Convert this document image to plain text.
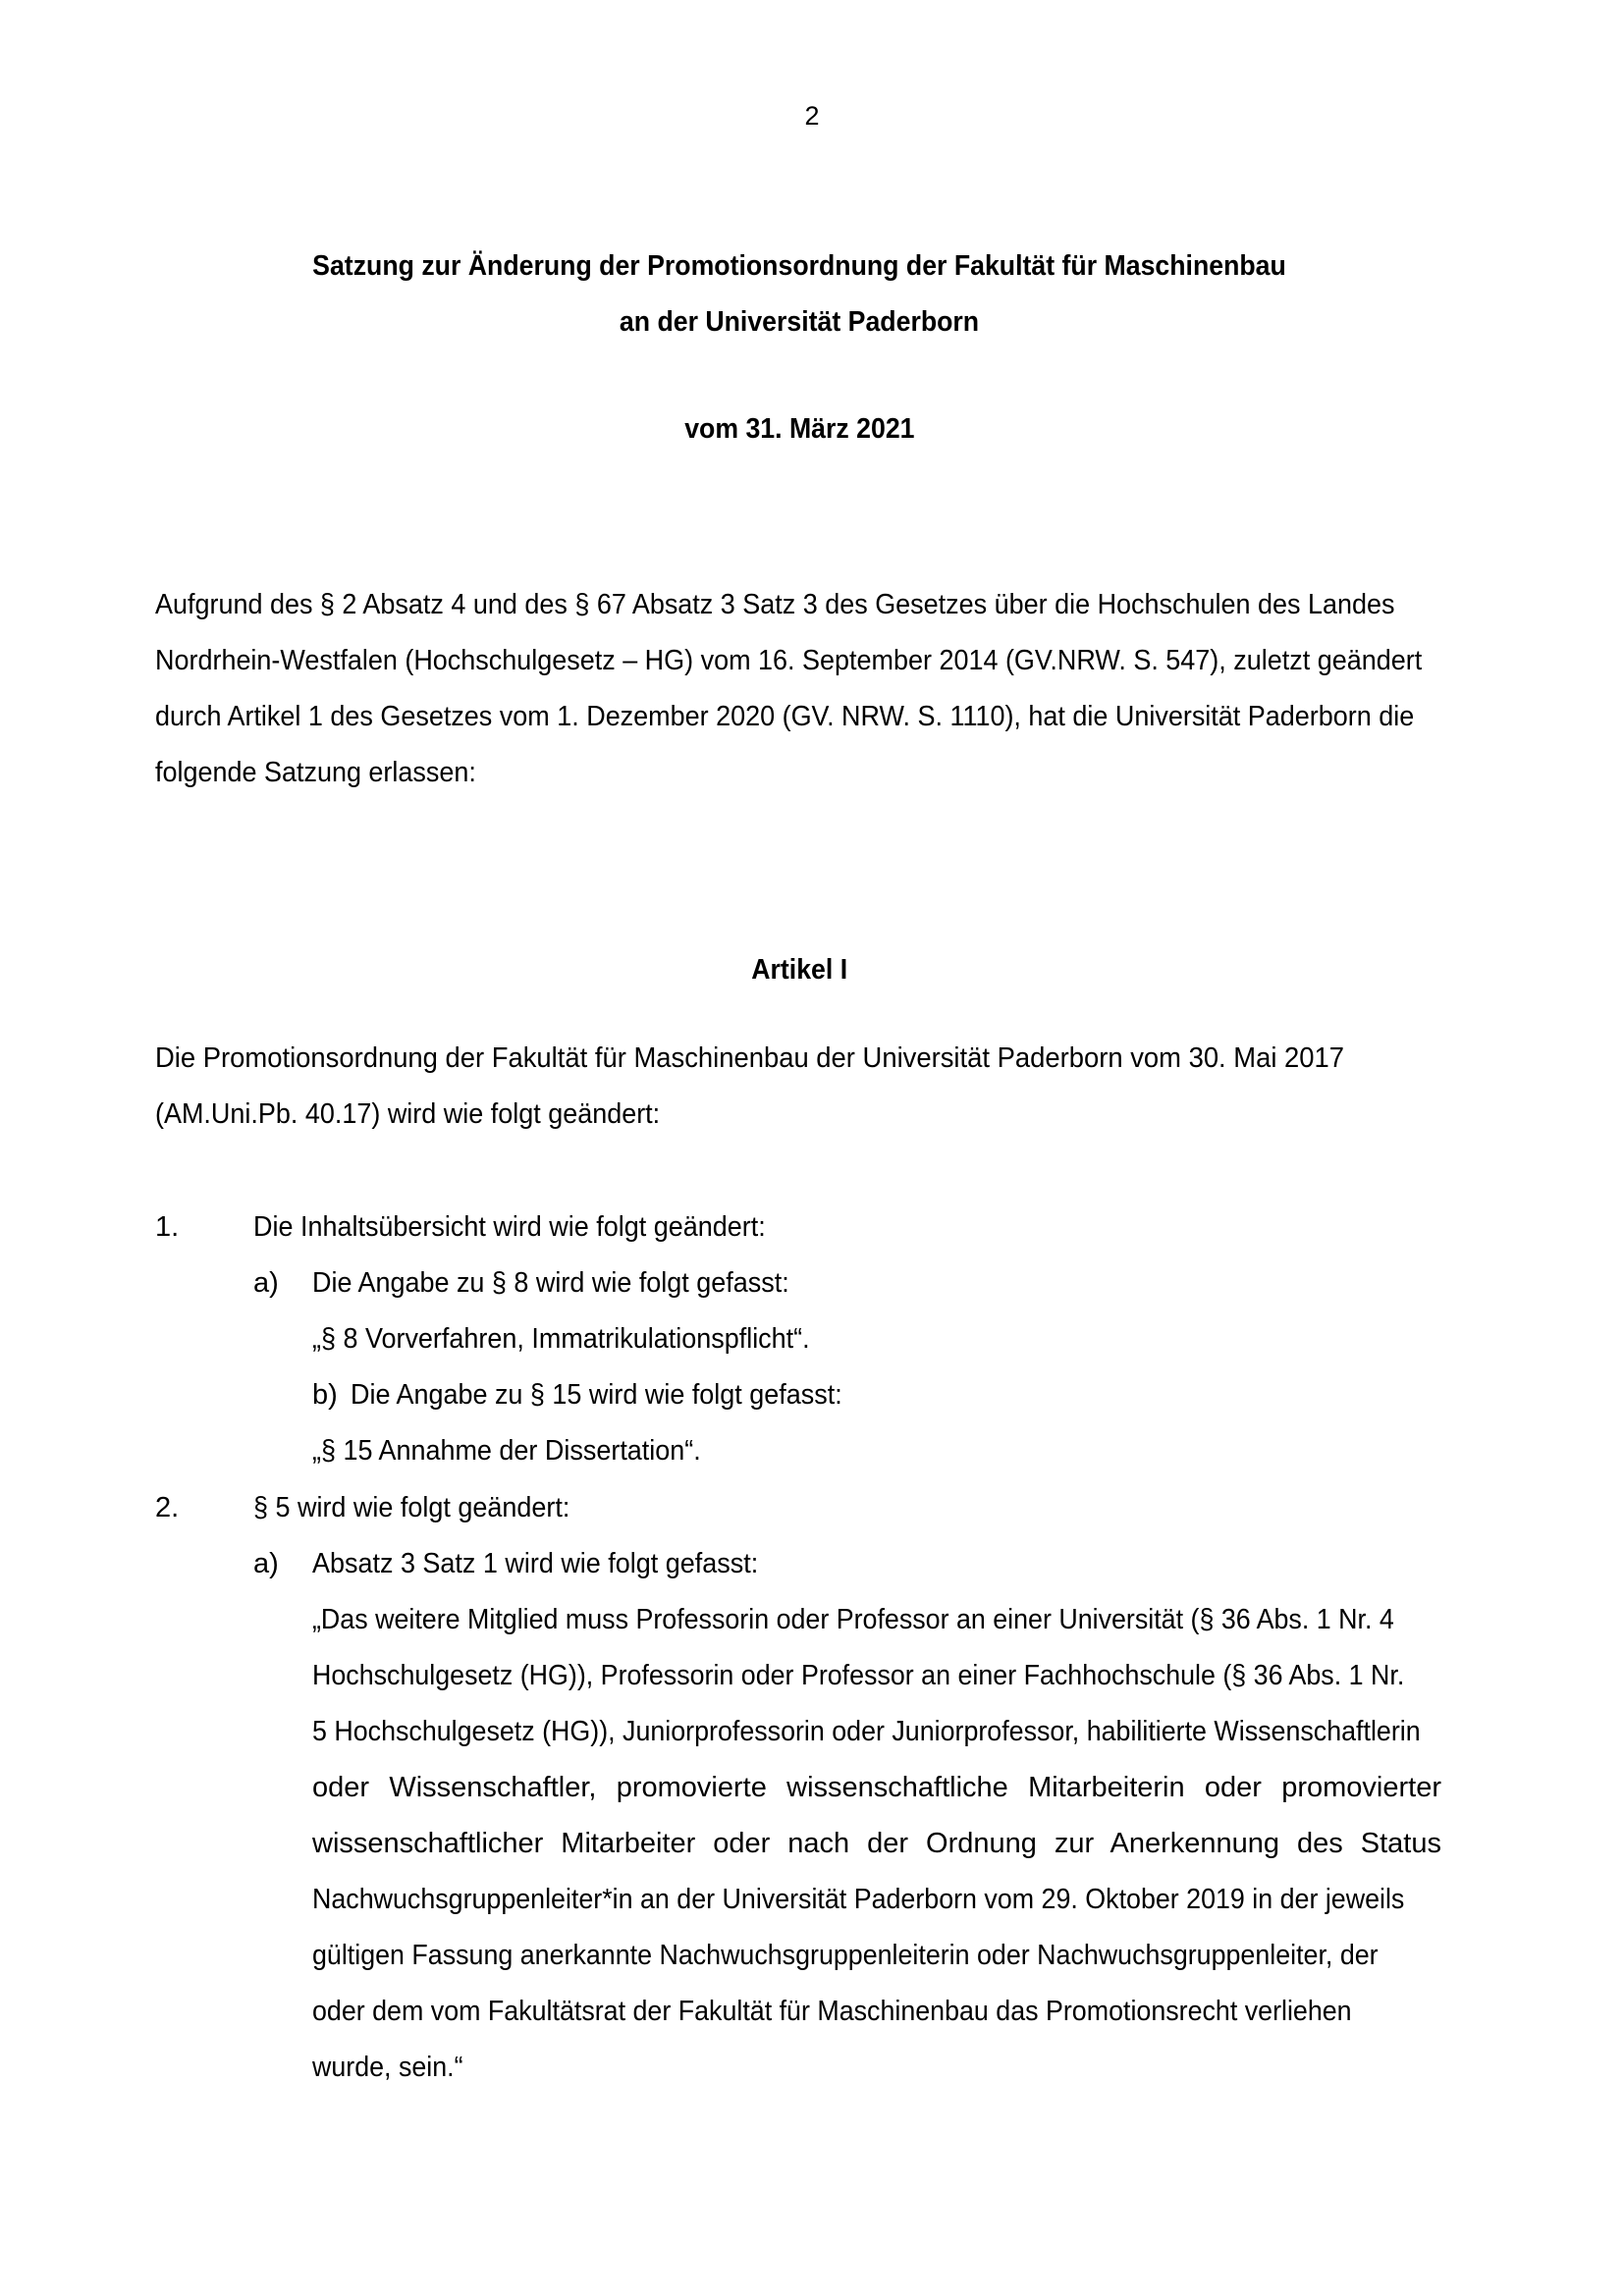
2
Satzung zur Änderung der Promotionsordnung der Fakultät für Maschinenbau
an der Universität Paderborn
vom 31. März 2021
Aufgrund des § 2 Absatz 4 und des § 67 Absatz 3 Satz 3 des Gesetzes über die Hochschulen des Landes
Nordrhein-Westfalen (Hochschulgesetz – HG) vom 16. September 2014 (GV.NRW. S. 547), zuletzt geändert
durch Artikel 1 des Gesetzes vom 1. Dezember 2020 (GV. NRW. S. 1110), hat die Universität Paderborn die
folgende Satzung erlassen:
Artikel I
Die Promotionsordnung der Fakultät für Maschinenbau der Universität Paderborn vom 30. Mai 2017
(AM.Uni.Pb. 40.17) wird wie folgt geändert:
1.	Die Inhaltsübersicht wird wie folgt geändert:
a) Die Angabe zu § 8 wird wie folgt gefasst:
„§ 8 Vorverfahren, Immatrikulationspflicht“.
b) Die Angabe zu § 15 wird wie folgt gefasst:
„§ 15 Annahme der Dissertation“.
2.	§ 5 wird wie folgt geändert:
a) Absatz 3 Satz 1 wird wie folgt gefasst:
„Das weitere Mitglied muss Professorin oder Professor an einer Universität (§ 36 Abs. 1 Nr. 4
Hochschulgesetz (HG)), Professorin oder Professor an einer Fachhochschule (§ 36 Abs. 1 Nr.
5 Hochschulgesetz (HG)), Juniorprofessorin oder Juniorprofessor, habilitierte Wissenschaftlerin
oder Wissenschaftler, promovierte wissenschaftliche Mitarbeiterin oder promovierter
wissenschaftlicher Mitarbeiter oder nach der Ordnung zur Anerkennung des Status
Nachwuchsgruppenleiter*in an der Universität Paderborn vom 29. Oktober 2019 in der jeweils
gültigen Fassung anerkannte Nachwuchsgruppenleiterin oder Nachwuchsgruppenleiter, der
oder dem vom Fakultätsrat der Fakultät für Maschinenbau das Promotionsrecht verliehen
wurde, sein.“
